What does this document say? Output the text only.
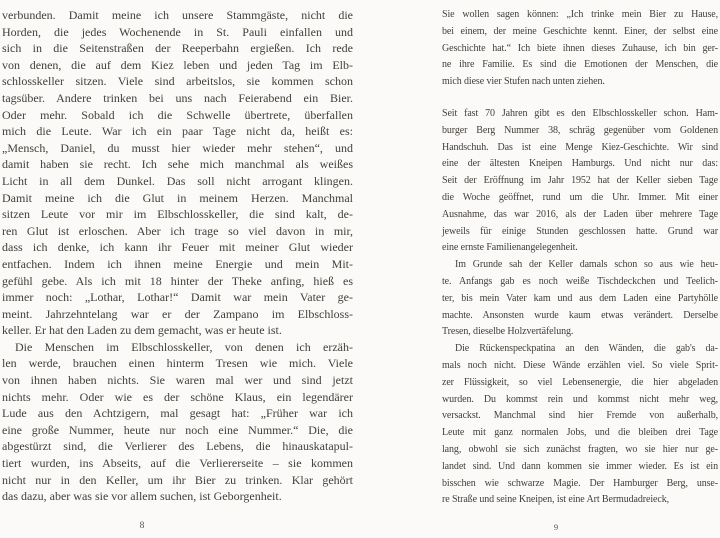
verbunden. Damit meine ich unsere Stammgäste, nicht die
Horden, die jedes Wochenende in St. Pauli einfallen und
sich in die Seitenstraßen der Reeperbahn ergießen. Ich rede
von denen, die auf dem Kiez leben und jeden Tag im Elb-
schlosskeller sitzen. Viele sind arbeitslos, sie kommen schon
tagsüber. Andere trinken bei uns nach Feierabend ein Bier.
Oder mehr. Sobald ich die Schwelle übertrete, überfallen
mich die Leute. War ich ein paar Tage nicht da, heißt es:
„Mensch, Daniel, du musst hier wieder mehr stehen“, und
damit haben sie recht. Ich sehe mich manchmal als weißes
Licht in all dem Dunkel. Das soll nicht arrogant klingen.
Damit meine ich die Glut in meinem Herzen. Manchmal
sitzen Leute vor mir im Elbschlosskeller, die sind kalt, de-
ren Glut ist erloschen. Aber ich trage so viel davon in mir,
dass ich denke, ich kann ihr Feuer mit meiner Glut wieder
entfachen. Indem ich ihnen meine Energie und mein Mit-
gefühl gebe. Als ich mit 18 hinter der Theke anfing, hieß es
immer noch: „Lothar, Lothar!“ Damit war mein Vater ge-
meint. Jahrzehntelang war er der Zampano im Elbschloss-
keller. Er hat den Laden zu dem gemacht, was er heute ist.
Die Menschen im Elbschlosskeller, von denen ich erzäh-
len werde, brauchen einen hinterm Tresen wie mich. Viele
von ihnen haben nichts. Sie waren mal wer und sind jetzt
nichts mehr. Oder wie es der schöne Klaus, ein legendärer
Lude aus den Achtzigern, mal gesagt hat: „Früher war ich
eine große Nummer, heute nur noch eine Nummer.“ Die, die
abgestürzt sind, die Verlierer des Lebens, die hinauskatapul-
tiert wurden, ins Abseits, auf die Verliererseite – sie kommen
nicht nur in den Keller, um ihr Bier zu trinken. Klar gehört
das dazu, aber was sie vor allem suchen, ist Geborgenheit.
Sie wollen sagen können: „Ich trinke mein Bier zu Hause,
bei einem, der meine Geschichte kennt. Einer, der selbst eine
Geschichte hat.“ Ich biete ihnen dieses Zuhause, ich bin ger-
ne ihre Familie. Es sind die Emotionen der Menschen, die
mich diese vier Stufen nach unten ziehen.
Seit fast 70 Jahren gibt es den Elbschlosskeller schon. Ham-
burger Berg Nummer 38, schräg gegenüber vom Goldenen
Handschuh. Das ist eine Menge Kiez-Geschichte. Wir sind
eine der ältesten Kneipen Hamburgs. Und nicht nur das:
Seit der Eröffnung im Jahr 1952 hat der Keller sieben Tage
die Woche geöffnet, rund um die Uhr. Immer. Mit einer
Ausnahme, das war 2016, als der Laden über mehrere Tage
jeweils für einige Stunden geschlossen hatte. Grund war
eine ernste Familienangelegenheit.
Im Grunde sah der Keller damals schon so aus wie heu-
te. Anfangs gab es noch weiße Tischdeckchen und Teelich-
ter, bis mein Vater kam und aus dem Laden eine Partyhölle
machte. Ansonsten wurde kaum etwas verändert. Derselbe
Tresen, dieselbe Holzvertäfelung.
Die Rückenspeckpatina an den Wänden, die gab's da-
mals noch nicht. Diese Wände erzählen viel. So viele Sprit-
zer Flüssigkeit, so viel Lebensenergie, die hier abgeladen
wurden. Du kommst rein und kommst nicht mehr weg,
versackst. Manchmal sind hier Fremde von außerhalb,
Leute mit ganz normalen Jobs, und die bleiben drei Tage
lang, obwohl sie sich zunächst fragten, wo sie hier nur ge-
landet sind. Und dann kommen sie immer wieder. Es ist ein
bisschen wie schwarze Magie. Der Hamburger Berg, unse-
re Straße und seine Kneipen, ist eine Art Bermudadreieck,
8	9
